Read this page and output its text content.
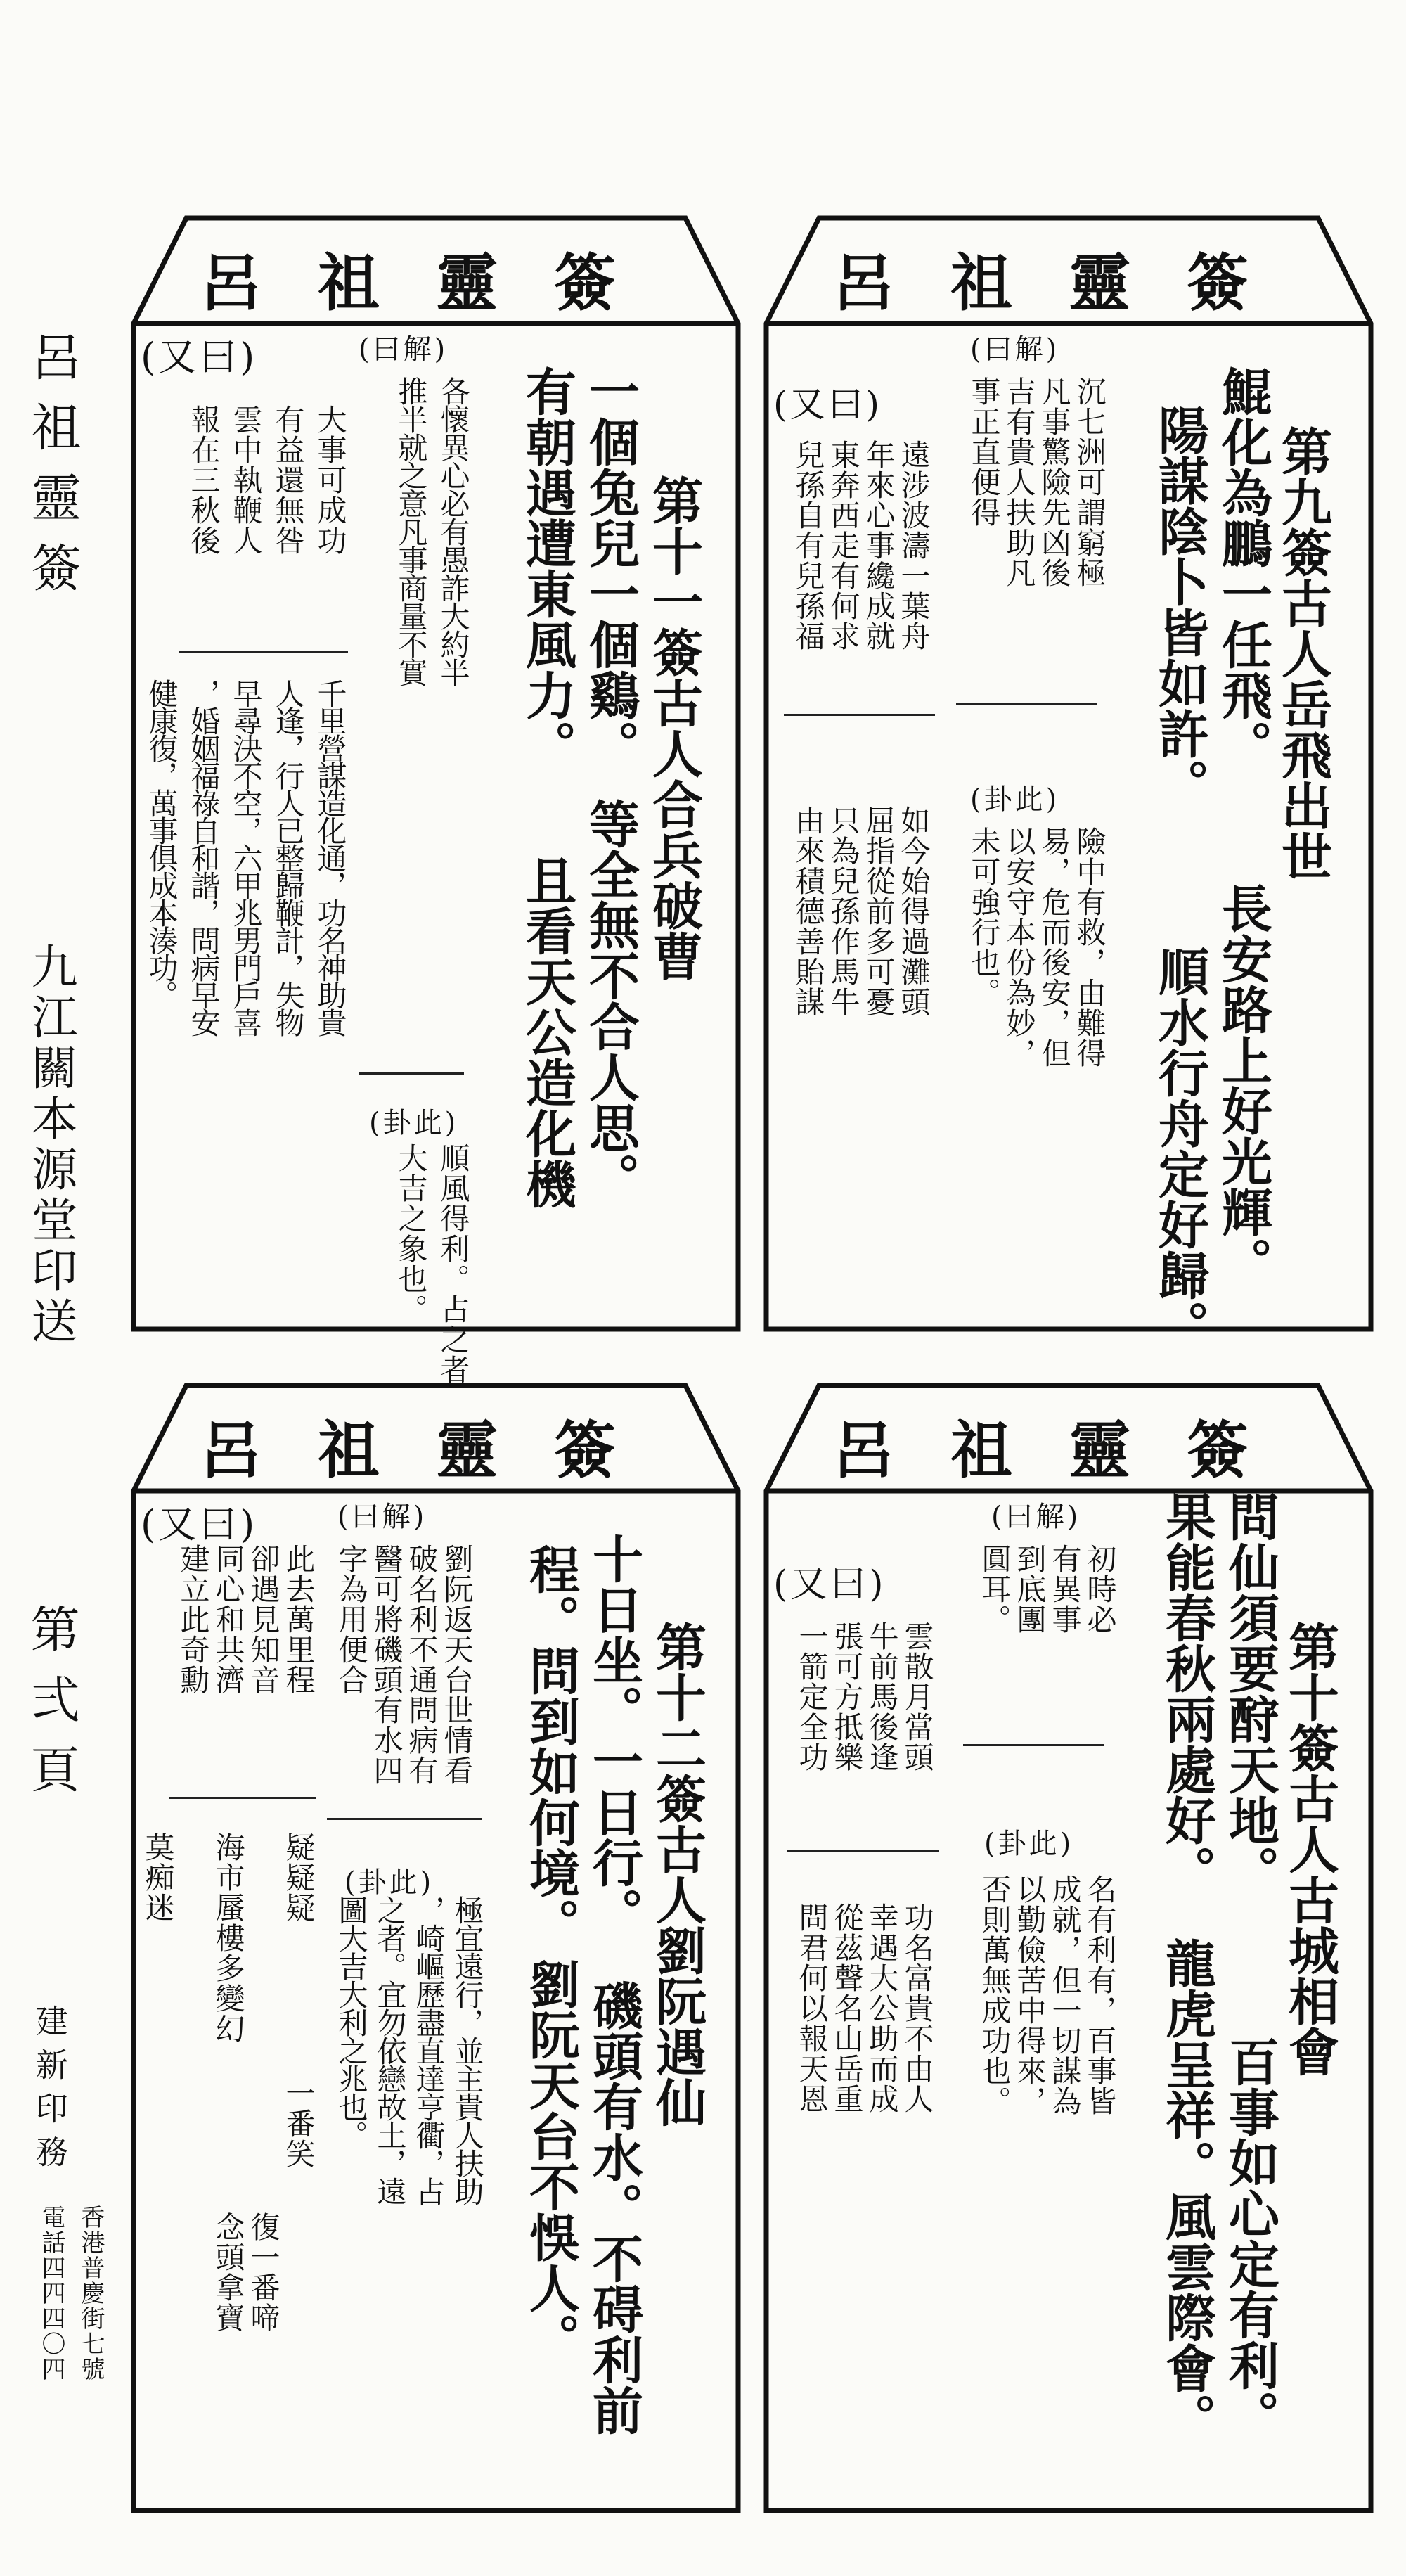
呂祖靈簽
九江關本源堂印送
第弍頁
建新印務
香港普慶街七號
電話四四四〇四
呂祖靈簽
第九簽古人岳飛出世
長安路上好光輝。
鯤化為鵬一任飛。
順水行舟定好歸。
陽謀陰卜皆如許。
(曰解)
沉七洲可謂窮極
凡事驚險先凶後
吉有貴人扶助凡
事正直便得
(卦此)
險中有救，由難得
易，危而後安，但
以安守本份為妙，
未可強行也。
(又曰)
遠涉波濤一葉舟
年來心事纔成就
東奔西走有何求
兒孫自有兒孫福
如今始得過灘頭
屈指從前多可憂
只為兒孫作馬牛
由來積德善貽謀
呂祖靈簽
第十一簽古人合兵破曹
一個兔兒一個鷄。
等全無不合人思。
有朝遇遭東風力。
且看天公造化機
(曰解)
各懷異心必有愚詐大約半
推半就之意凡事商量不實
(卦此)
順風得利。占之者
大吉之象也。
(又曰)
大事可成功
有益還無咎
雲中執鞭人
報在三秋後
千里營謀造化通，功名神助貴
人逢，行人已整歸鞭計，失物
早尋決不空，六甲兆男門戶喜
，婚姻福祿自和諧，問病早安
健康復，萬事俱成本湊功。
呂祖靈簽
第十簽古人古城相會
百事如心定有利。
問仙須要酧天地。
果能春秋兩處好。
龍虎呈祥。風雲際會。
(曰解)
初時必
有異事
到底團
圓耳。
(卦此)
名有利有，百事皆
成就，但一切謀為
以勤儉苦中得來，
否則萬無成功也。
(又曰)
雲散月當頭
牛前馬後逢
張可方抵樂
一箭定全功
功名富貴不由人
幸遇大公助而成
從茲聲名山岳重
問君何以報天恩
呂祖靈簽
第十二簽古人劉阮遇仙
十日坐。一日行。
磯頭有水。不碍利前
程。問到如何境。
劉阮天台不悞人。
(曰解)
劉阮返天台世情看
破名利不通問病有
醫可將磯頭有水四
字為用便合
(卦此)
極宜遠行，並主貴人扶助
，崎嶇歷盡直達亨衢，占
之者。宜勿依戀故土，遠
圖大吉大利之兆也。
(又曰)
此去萬里程
卻遇見知音
同心和共濟
建立此奇勳
疑疑疑
海市蜃樓多變幻
莫痴迷
一番笑
復一番啼
念頭拿寶
